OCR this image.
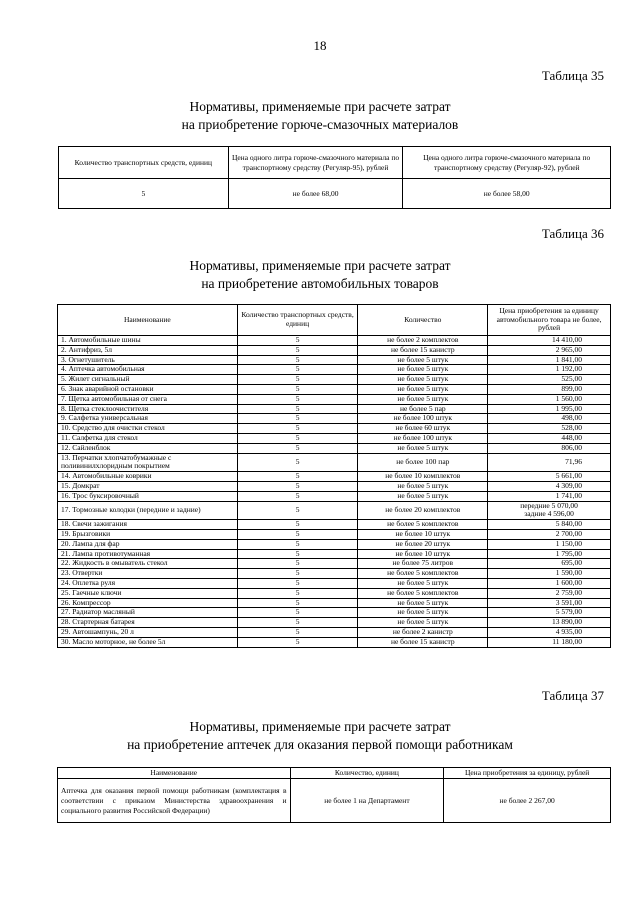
18
Таблица 35
Нормативы, применяемые при расчете затрат
на приобретение горюче-смазочных материалов
Количество транспортных средств, единиц	Цена одного литра горюче-смазочного материала по транспортному средству (Регуляр-95), рублей	Цена одного литра горюче-смазочного материала по транспортному средству (Регуляр-92), рублей
5	не более 68,00	не более 58,00
Таблица 36
Нормативы, применяемые при расчете затрат
на приобретение автомобильных товаров
Наименование	Количество транспортных средств, единиц	Количество	Цена приобретения за единицу автомобильного товара не более, рублей
1. Автомобильные шины	5	не более 2 комплектов	14 410,00
2. Антифриз, 5л	5	не более 15 канистр	2 965,00
3. Огнетушитель	5	не более 5 штук	1 841,00
4. Аптечка автомобильная	5	не более 5 штук	1 192,00
5. Жилет сигнальный	5	не более 5 штук	525,00
6. Знак аварийной остановки	5	не более 5 штук	899,00
7. Щетка автомобильная от снега	5	не более 5 штук	1 560,00
8. Щетка стеклоочистителя	5	не более 5 пар	1 995,00
9. Салфетка универсальная	5	не более 100 штук	498,00
10. Средство для очистки стекол	5	не более 60 штук	528,00
11. Салфетка для стекол	5	не более 100 штук	448,00
12. Сайленблок	5	не более 5 штук	806,00
13. Перчатки хлопчатобумажные с поливинилхлоридным покрытием	5	не более 100 пар	71,96
14. Автомобильные коврики	5	не более 10 комплектов	5 661,00
15. Домкрат	5	не более 5 штук	4 309,00
16. Трос буксировочный	5	не более 5 штук	1 741,00
17. Тормозные колодки (передние и задние)	5	не более 20 комплектов	передние 5 070,00
задние 4 596,00

18. Свечи зажигания	5	не более 5 комплектов	5 840,00
19. Брызговики	5	не более 10 штук	2 700,00
20. Лампа для фар	5	не более 20 штук	1 150,00
21. Лампа противотуманная	5	не более 10 штук	1 795,00
22. Жидкость в омыватель стекол	5	не более 75 литров	695,00
23. Отвертки	5	не более 5 комплектов	1 590,00
24. Оплетка руля	5	не более 5 штук	1 600,00
25. Гаечные ключи	5	не более 5 комплектов	2 759,00
26. Компрессор	5	не более 5 штук	3 591,00
27. Радиатор масляный	5	не более 5 штук	5 579,00
28. Стартерная батарея	5	не более 5 штук	13 890,00
29. Автошампунь, 20 л	5	не более 2 канистр	4 935,00
30. Масло моторное, не более 5л	5	не более 15 канистр	11 180,00
Таблица 37
Нормативы, применяемые при расчете затрат
на приобретение аптечек для оказания первой помощи работникам
Наименование	Количество, единиц	Цена приобретения за единицу, рублей
Аптечка для оказания первой помощи работникам (комплектация в соответствии с приказом Министерства здравоохранения и социального развития Российской Федерации)	не более 1 на Департамент	не более 2 267,00
